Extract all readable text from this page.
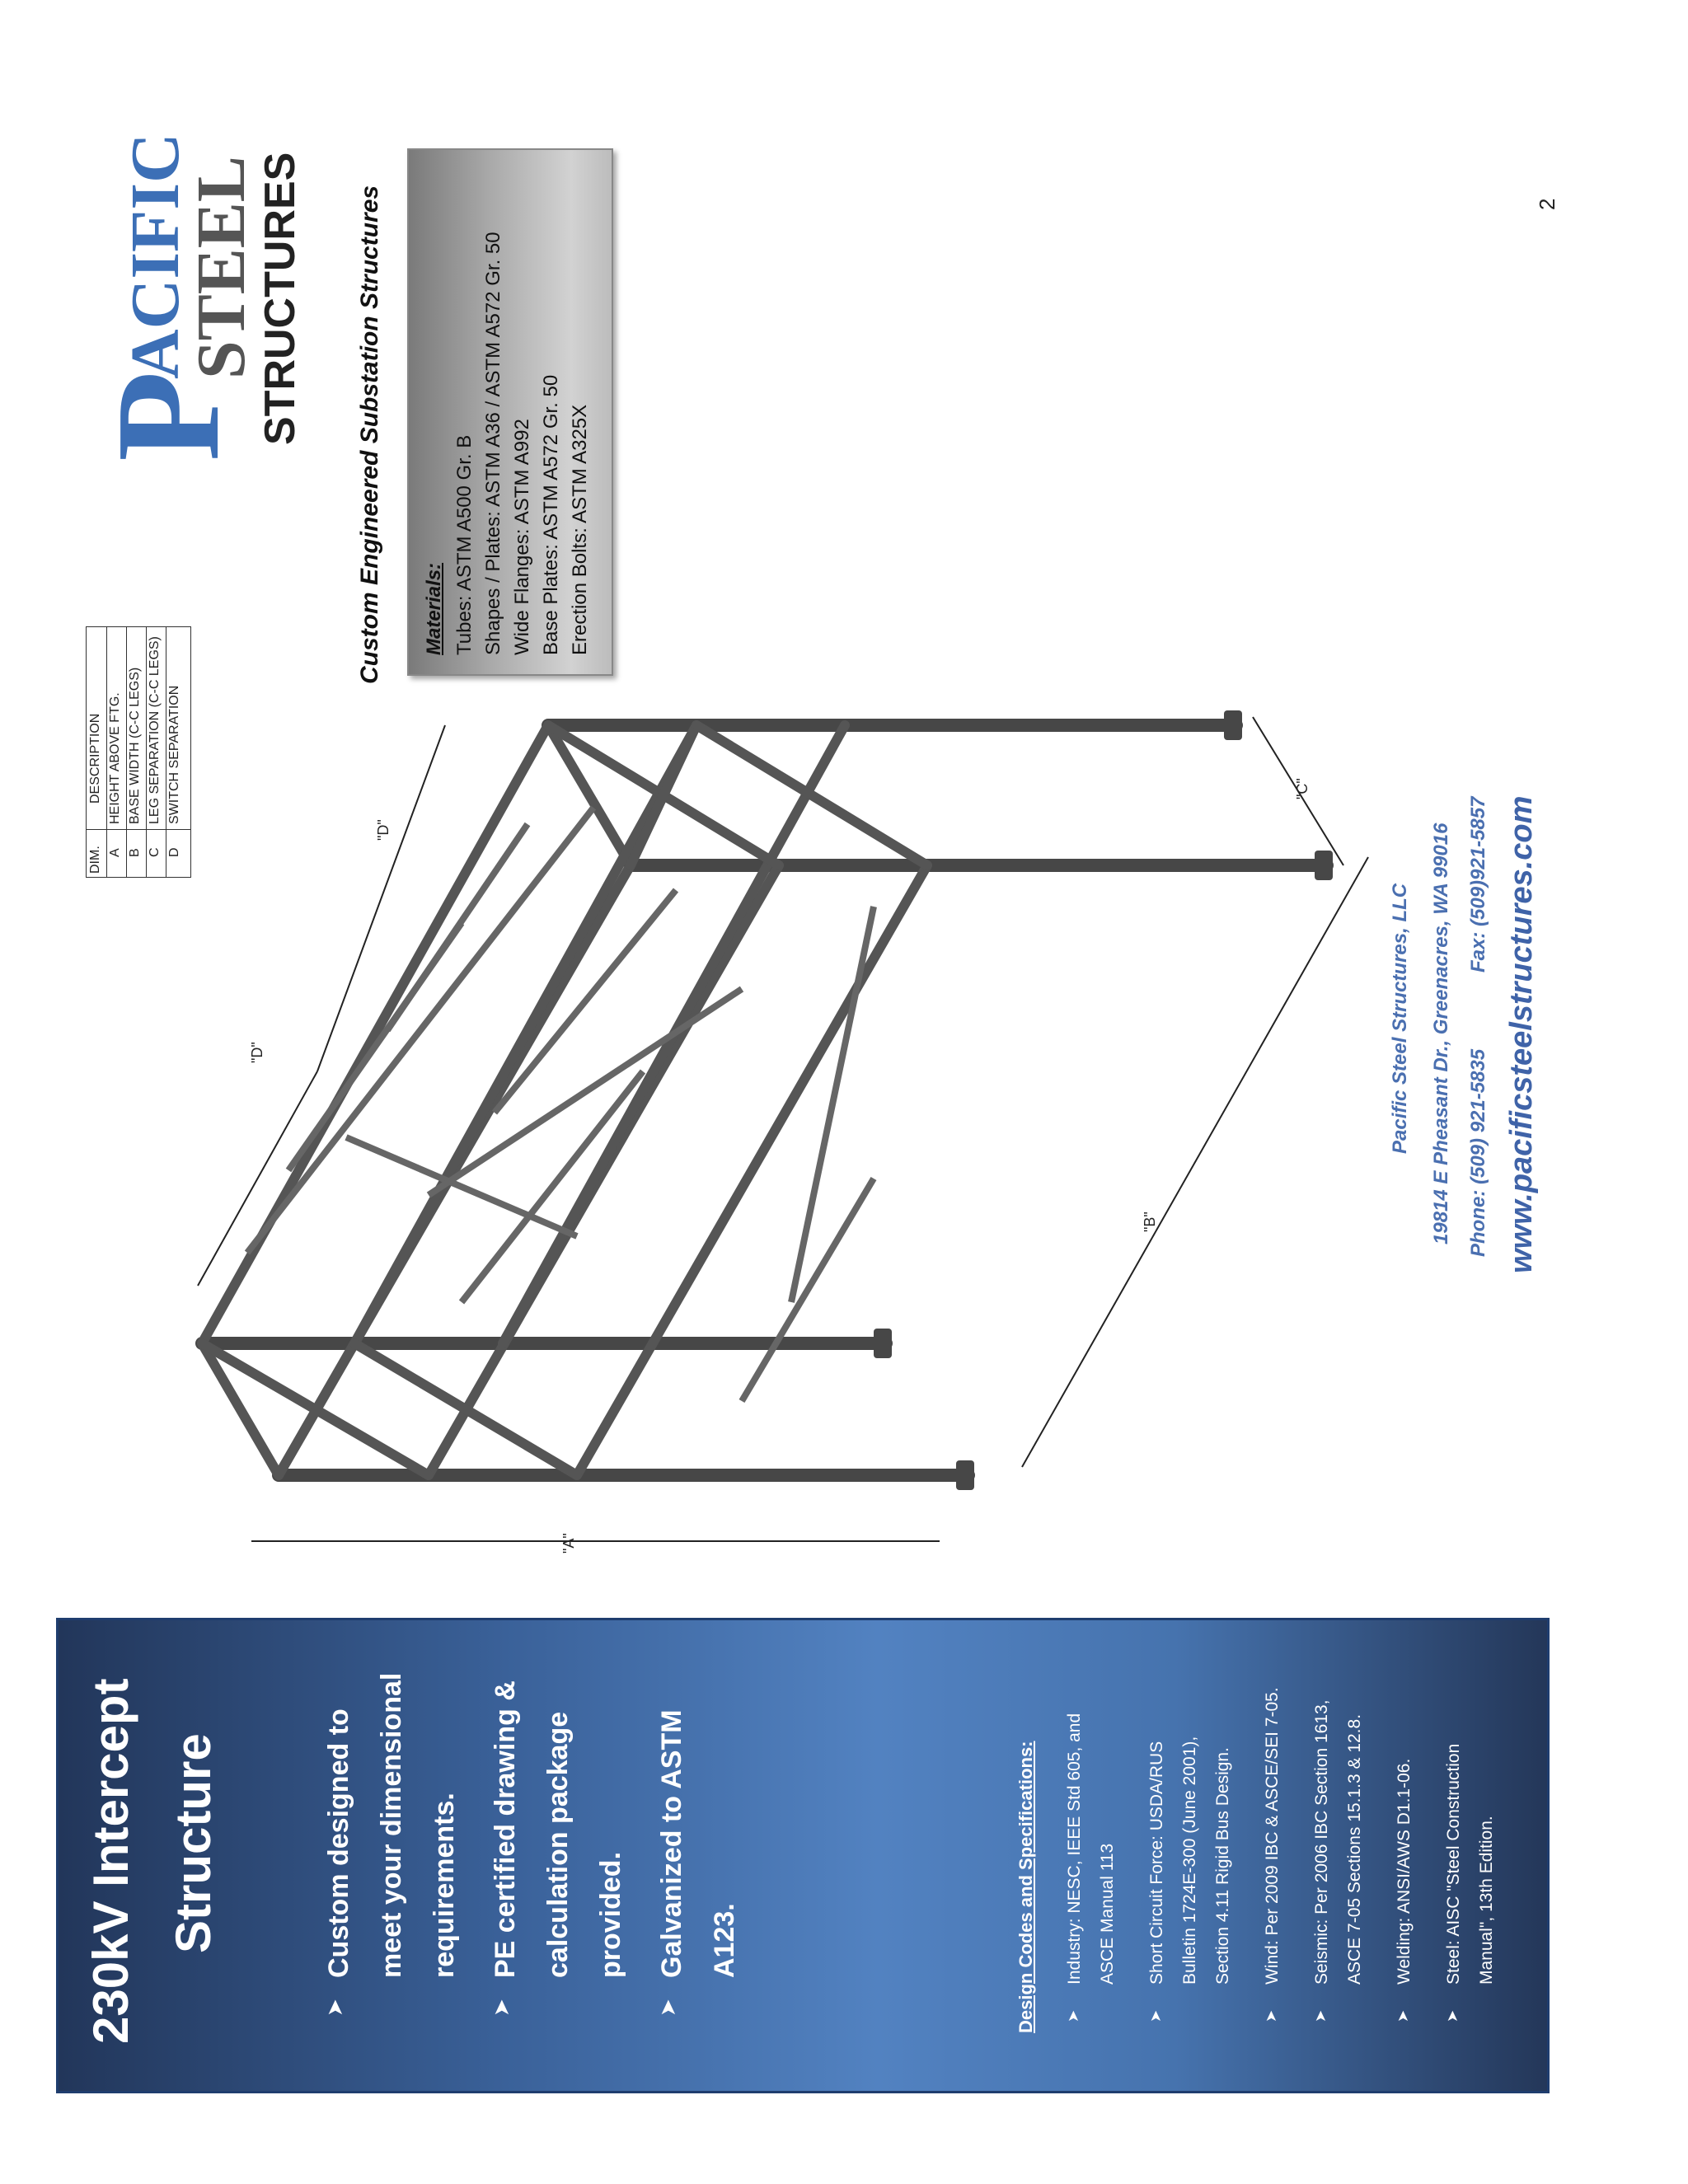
230kV Intercept Structure
➤	➤	➤
Custom designed to meet your dimensional requirements. PE certified drawing & calculation package provided. Galvanized to ASTM A123.	Design Codes and Specifications: ➤
Industry: NESC, IEEE Std 605, and ASCE Manual 113
➤
Short Circuit Force: USDA/RUS Bulletin 1724E-300 (June 2001), Section 4.11 Rigid Bus Design.
➤
Wind: Per 2009 IBC & ASCE/SEI 7-05.
➤
Seismic: Per 2006 IBC Section 1613, ASCE 7-05 Sections 15.1.3 & 12.8.
➤
Welding: ANSI/AWS D1.1-06.
➤
Steel: AISC "Steel Construction Manual", 13th Edition.
"A"
"B"
"C"
"D"
"D"
DIM.
DESCRIPTION
A
HEIGHT ABOVE FTG.
B
BASE WIDTH (C-C LEGS)
C
LEG SEPARATION (C-C LEGS)
D
SWITCH SEPARATION
P
ACIFIC
STEEL
STRUCTURES Custom Engineered Substation Structures Materials: Tubes: ASTM A500 Gr. B Shapes / Plates: ASTM A36 / ASTM A572 Gr. 50 Wide Flanges: ASTM A992 Base Plates: ASTM A572 Gr. 50 Erection Bolts: ASTM A325X
Pacific Steel Structures, LLC 19814 E Pheasant Dr., Greenacres, WA 99016 Phone: (509) 921-5835
Fax: (509)921-5857 www.pacificsteelstructures.com
2
